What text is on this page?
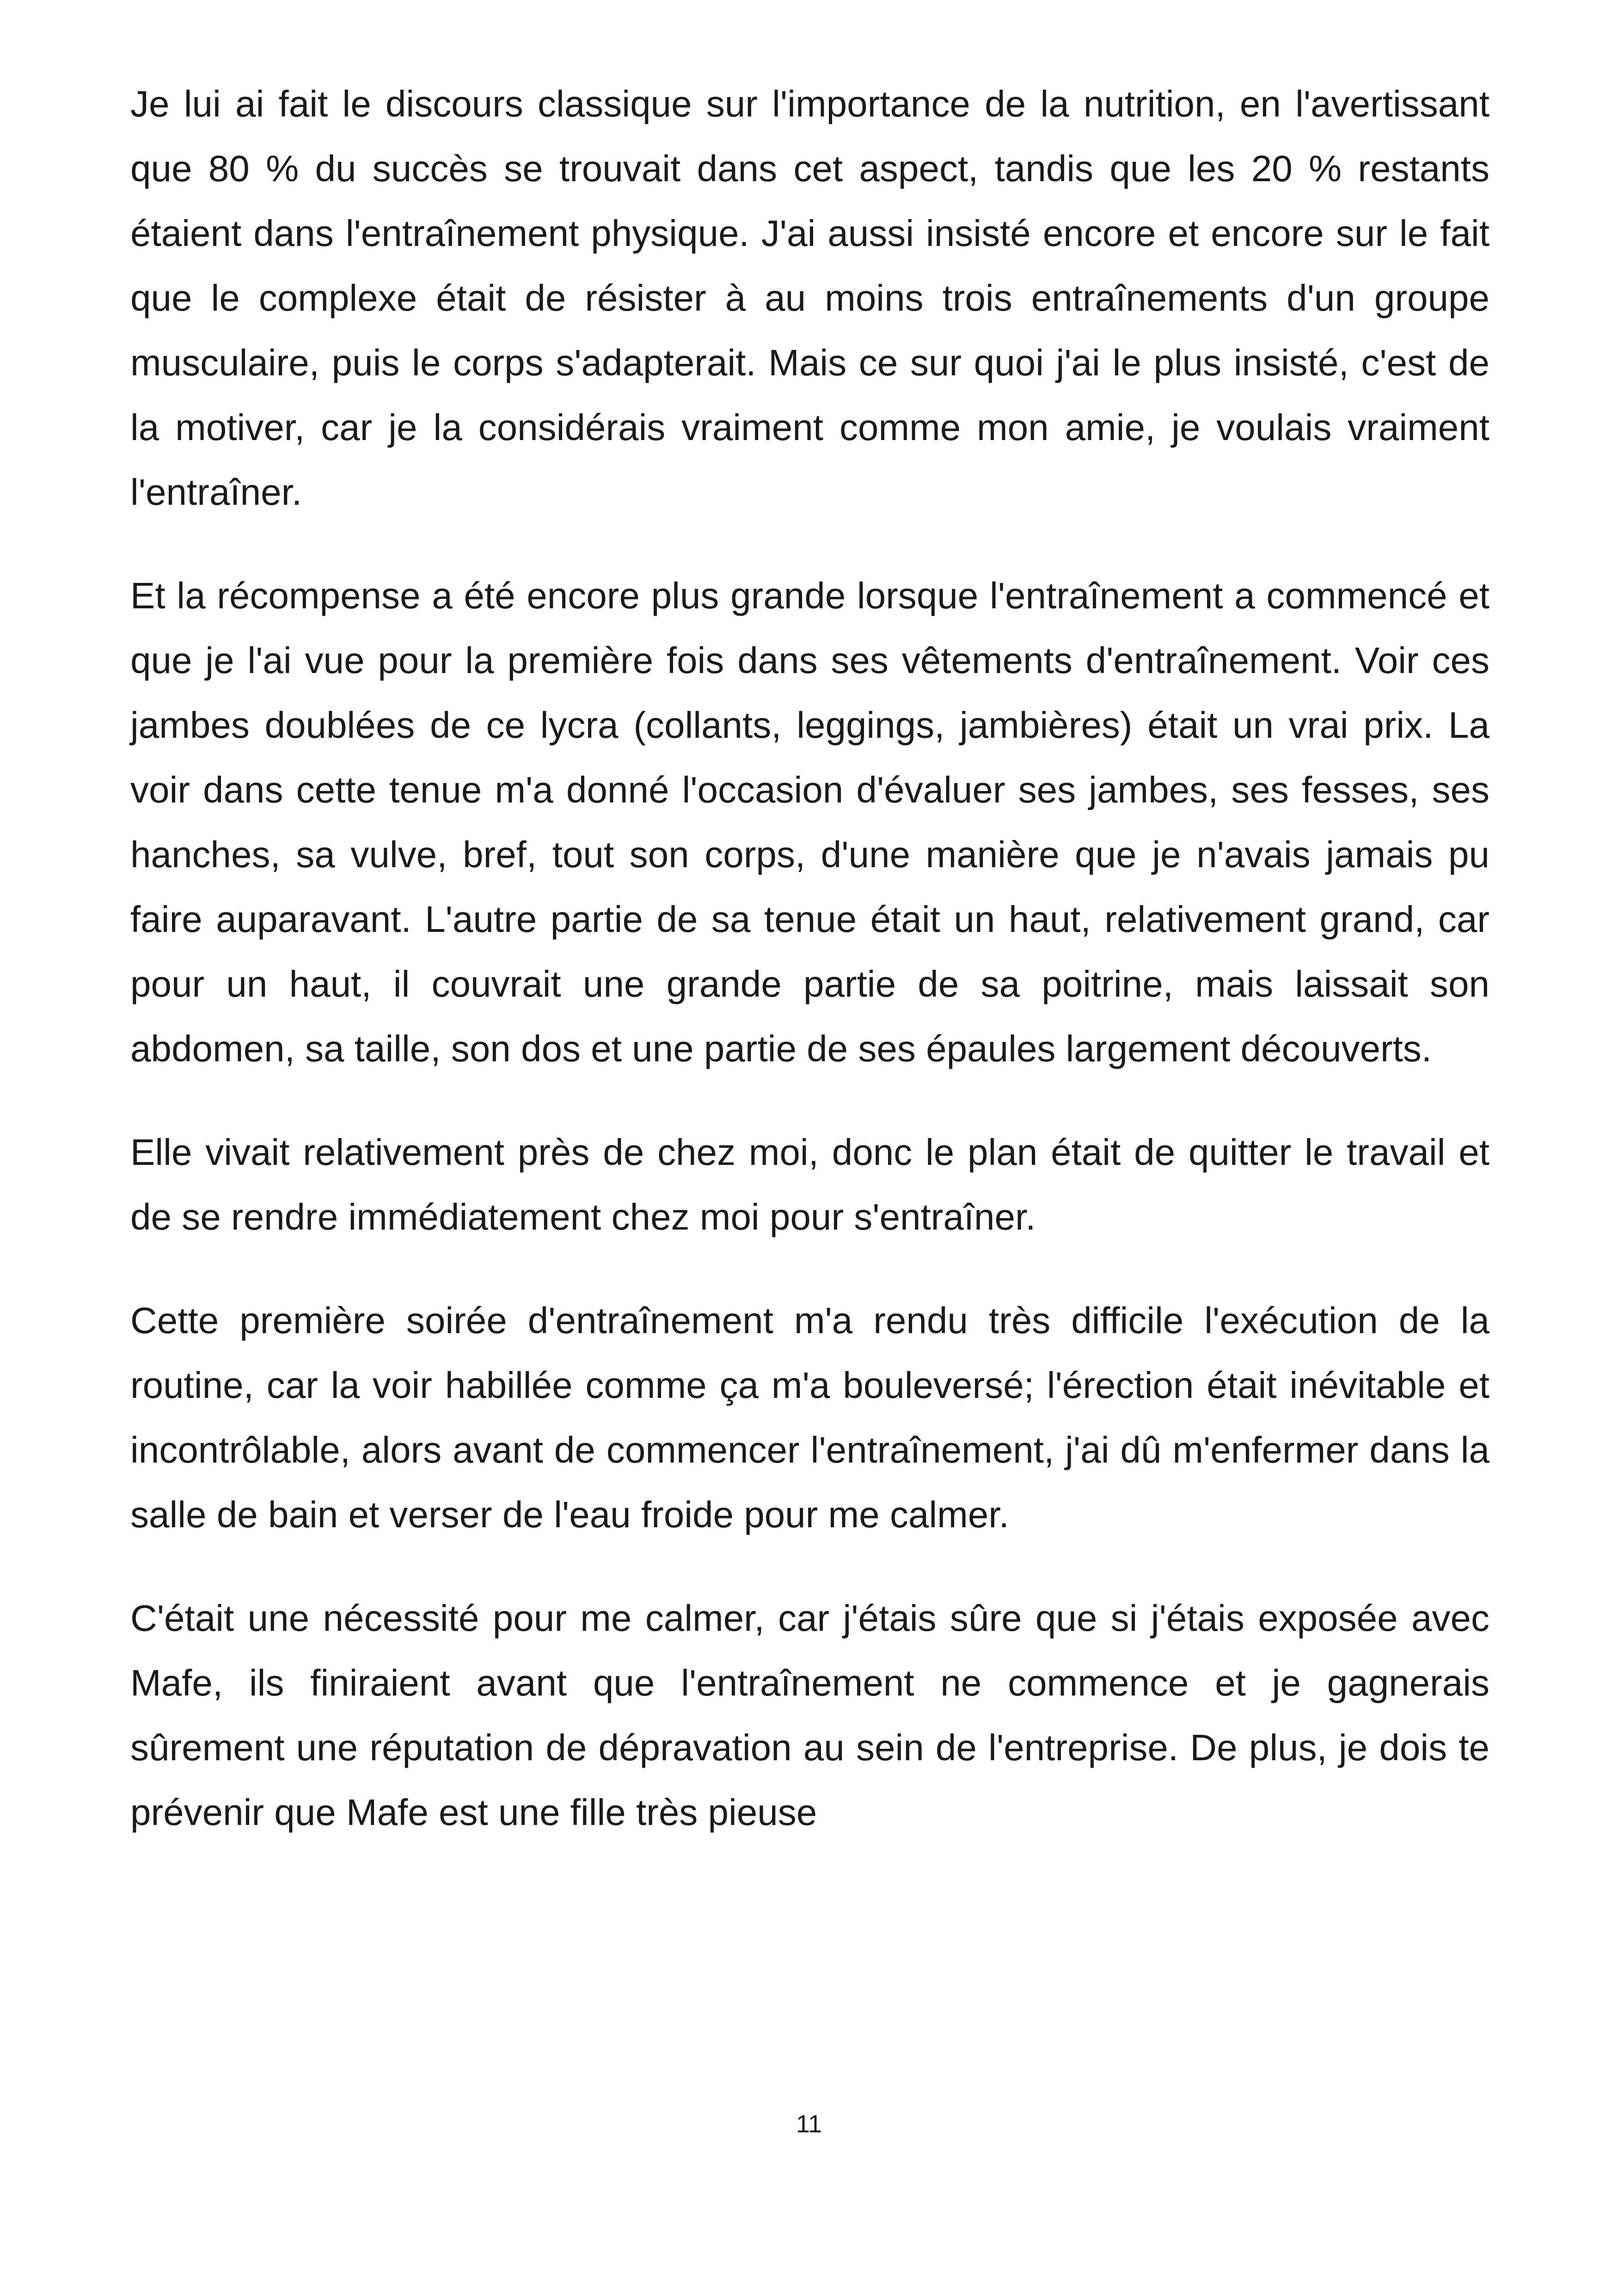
Je lui ai fait le discours classique sur l'importance de la nutrition, en l'avertissant que 80 % du succès se trouvait dans cet aspect, tandis que les 20 % restants étaient dans l'entraînement physique. J'ai aussi insisté encore et encore sur le fait que le complexe était de résister à au moins trois entraînements d'un groupe musculaire, puis le corps s'adapterait. Mais ce sur quoi j'ai le plus insisté, c'est de la motiver, car je la considérais vraiment comme mon amie, je voulais vraiment l'entraîner.

Et la récompense a été encore plus grande lorsque l'entraînement a commencé et que je l'ai vue pour la première fois dans ses vêtements d'entraînement. Voir ces jambes doublées de ce lycra (collants, leggings, jambières) était un vrai prix. La voir dans cette tenue m'a donné l'occasion d'évaluer ses jambes, ses fesses, ses hanches, sa vulve, bref, tout son corps, d'une manière que je n'avais jamais pu faire auparavant. L'autre partie de sa tenue était un haut, relativement grand, car pour un haut, il couvrait une grande partie de sa poitrine, mais laissait son abdomen, sa taille, son dos et une partie de ses épaules largement découverts.

Elle vivait relativement près de chez moi, donc le plan était de quitter le travail et de se rendre immédiatement chez moi pour s'entraîner.

Cette première soirée d'entraînement m'a rendu très difficile l'exécution de la routine, car la voir habillée comme ça m'a bouleversé; l'érection était inévitable et incontrôlable, alors avant de commencer l'entraînement, j'ai dû m'enfermer dans la salle de bain et verser de l'eau froide pour me calmer.

C'était une nécessité pour me calmer, car j'étais sûre que si j'étais exposée avec Mafe, ils finiraient avant que l'entraînement ne commence et je gagnerais sûrement une réputation de dépravation au sein de l'entreprise. De plus, je dois te prévenir que Mafe est une fille très pieuse

11
